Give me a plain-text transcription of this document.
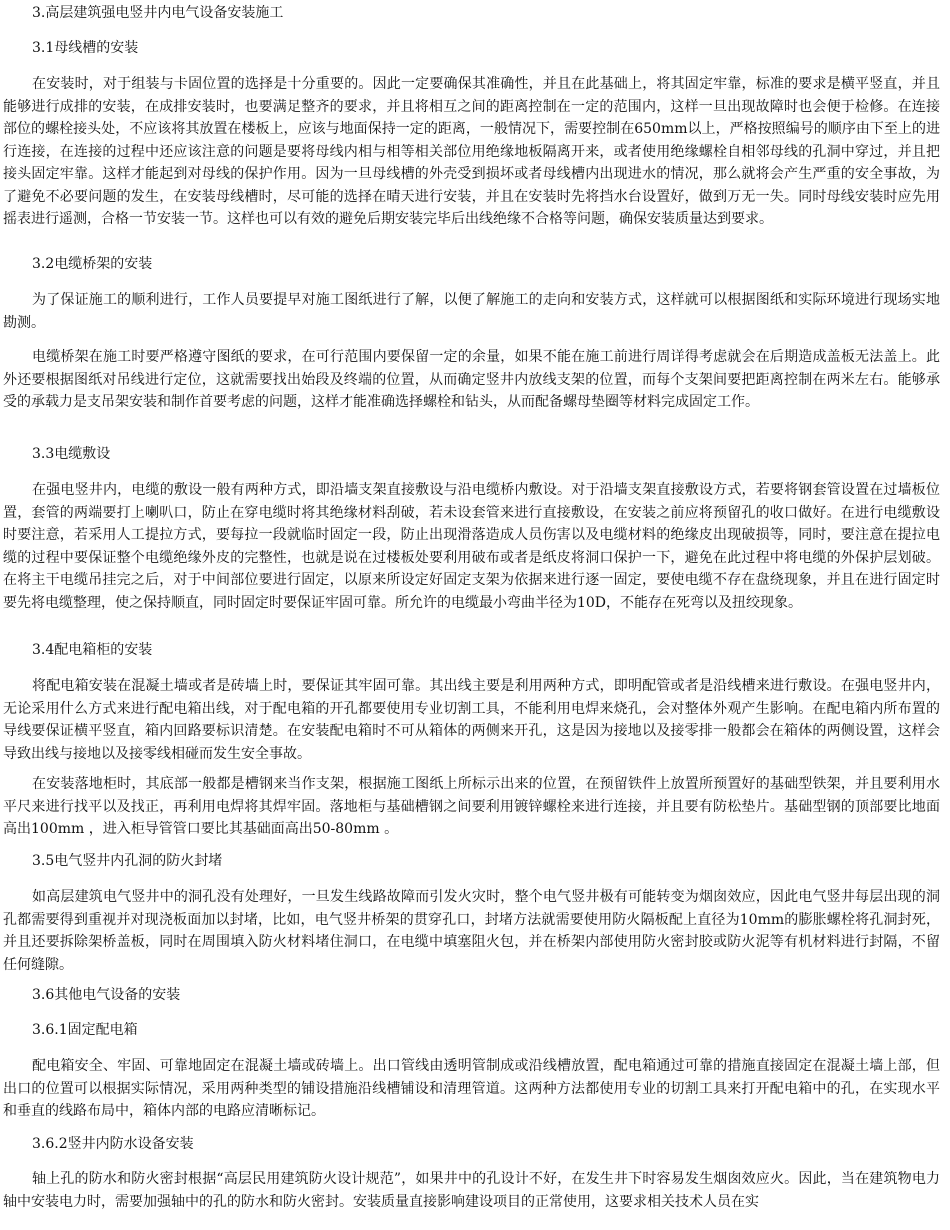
3.高层建筑强电竖井内电气设备安装施工
3.1母线槽的安装

在安装时，对于组装与卡固位置的选择是十分重要的。因此一定要确保其准确性，并且在此基础上，将其固定牢靠，标准的要求是横平竖直，并且能够进行成排的安装，在成排安装时，也要满足整齐的要求，并且将相互之间的距离控制在一定的范围内，这样一旦出现故障时也会便于检修。在连接部位的螺栓接头处，不应该将其放置在楼板上，应该与地面保持一定的距离，一般情况下，需要控制在650mm以上，严格按照编号的顺序由下至上的进行连接，在连接的过程中还应该注意的问题是要将母线内相与相等相关部位用绝缘地板隔离开来，或者使用绝缘螺栓自相邻母线的孔洞中穿过，并且把接头固定牢靠。这样才能起到对母线的保护作用。因为一旦母线槽的外壳受到损坏或者母线槽内出现进水的情况，那么就将会产生严重的安全事故，为了避免不必要问题的发生，在安装母线槽时，尽可能的选择在晴天进行安装，并且在安装时先将挡水台设置好，做到万无一失。同时母线安装时应先用摇表进行遥测，合格一节安装一节。这样也可以有效的避免后期安装完毕后出线绝缘不合格等问题，确保安装质量达到要求。

3.2电缆桥架的安装

为了保证施工的顺利进行，工作人员要提早对施工图纸进行了解，以便了解施工的走向和安装方式，这样就可以根据图纸和实际环境进行现场实地勘测。

电缆桥架在施工时要严格遵守图纸的要求，在可行范围内要保留一定的余量，如果不能在施工前进行周详得考虑就会在后期造成盖板无法盖上。此外还要根据图纸对吊线进行定位，这就需要找出始段及终端的位置，从而确定竖井内放线支架的位置，而每个支架间要把距离控制在两米左右。能够承受的承载力是支吊架安装和制作首要考虑的问题，这样才能准确选择螺栓和钻头，从而配备螺母垫圈等材料完成固定工作。

3.3电缆敷设

在强电竖井内，电缆的敷设一般有两种方式，即沿墙支架直接敷设与沿电缆桥内敷设。对于沿墙支架直接敷设方式，若要将钢套管设置在过墙板位置，套管的两端要打上喇叭口，防止在穿电缆时将其绝缘材料刮破，若未设套管来进行直接敷设，在安装之前应将预留孔的收口做好。在进行电缆敷设时要注意，若采用人工提拉方式，要每拉一段就临时固定一段，防止出现滑落造成人员伤害以及电缆材料的绝缘皮出现破损等，同时，要注意在提拉电缆的过程中要保证整个电缆绝缘外皮的完整性，也就是说在过楼板处要利用破布或者是纸皮将洞口保护一下，避免在此过程中将电缆的外保护层划破。在将主干电缆吊挂完之后，对于中间部位要进行固定，以原来所设定好固定支架为依据来进行逐一固定，要使电缆不存在盘绕现象，并且在进行固定时要先将电缆整理，使之保持顺直，同时固定时要保证牢固可靠。所允许的电缆最小弯曲半径为10D，不能存在死弯以及扭绞现象。

3.4配电箱柜的安装

将配电箱安装在混凝土墙或者是砖墙上时，要保证其牢固可靠。其出线主要是利用两种方式，即明配管或者是沿线槽来进行敷设。在强电竖井内，无论采用什么方式来进行配电箱出线，对于配电箱的开孔都要使用专业切割工具，不能利用电焊来烧孔，会对整体外观产生影响。在配电箱内所布置的导线要保证横平竖直，箱内回路要标识清楚。在安装配电箱时不可从箱体的两侧来开孔，这是因为接地以及接零排一般都会在箱体的两侧设置，这样会导致出线与接地以及接零线相碰而发生安全事故。

在安装落地柜时，其底部一般都是槽钢来当作支架，根据施工图纸上所标示出来的位置，在预留铁件上放置所预置好的基础型铁架，并且要利用水平尺来进行找平以及找正，再利用电焊将其焊牢固。落地柜与基础槽钢之间要利用镀锌螺栓来进行连接，并且要有防松垫片。基础型钢的顶部要比地面高出100mm ，进入柜导管管口要比其基础面高出50-80mm 。

3.5电气竖井内孔洞的防火封堵

如高层建筑电气竖井中的洞孔没有处理好，一旦发生线路故障而引发火灾时，整个电气竖井极有可能转变为烟囱效应，因此电气竖井每层出现的洞孔都需要得到重视并对现浇板面加以封堵，比如，电气竖井桥架的贯穿孔口，封堵方法就需要使用防火隔板配上直径为10mm的膨胀螺栓将孔洞封死，并且还要拆除架桥盖板，同时在周围填入防火材料堵住洞口，在电缆中填塞阻火包，并在桥架内部使用防火密封胶或防火泥等有机材料进行封隔，不留任何缝隙。

3.6其他电气设备的安装
3.6.1固定配电箱

配电箱安全、牢固、可靠地固定在混凝土墙或砖墙上。出口管线由透明管制成或沿线槽放置，配电箱通过可靠的措施直接固定在混凝土墙上部，但出口的位置可以根据实际情况，采用两种类型的铺设措施沿线槽铺设和清理管道。这两种方法都使用专业的切割工具来打开配电箱中的孔，在实现水平和垂直的线路布局中，箱体内部的电路应清晰标记。

3.6.2竖井内防水设备安装

轴上孔的防水和防火密封根据“高层民用建筑防火设计规范”，如果井中的孔设计不好，在发生井下时容易发生烟囱效应火。因此，当在建筑物电力轴中安装电力时，需要加强轴中的孔的防水和防火密封。安装质量直接影响建设项目的正常使用，这要求相关技术人员在实
